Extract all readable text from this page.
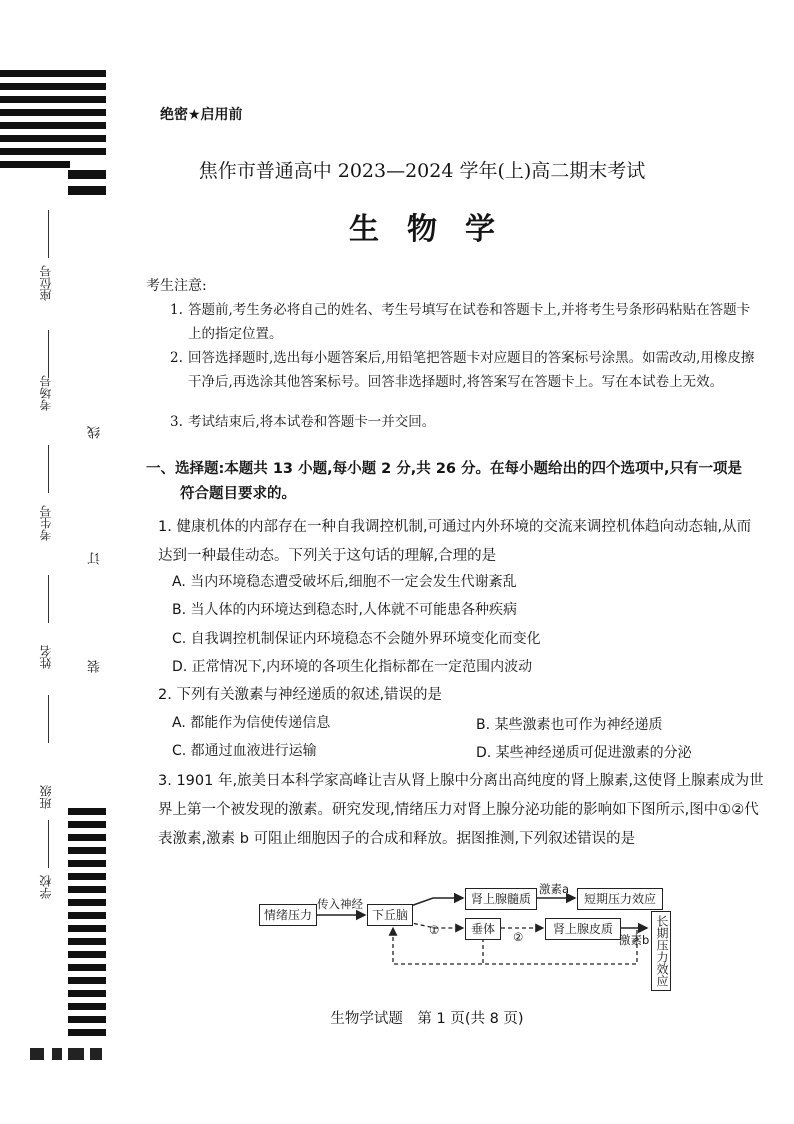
座位号
考场号
考生号
姓名
班级
学校
线
订
装
绝密★启用前
焦作市普通高中 2023—2024 学年(上)高二期末考试
生物学
考生注意:
1. 答题前,考生务必将自己的姓名、考生号填写在试卷和答题卡上,并将考生号条形码粘贴在答题卡上的指定位置。
2. 回答选择题时,选出每小题答案后,用铅笔把答题卡对应题目的答案标号涂黑。如需改动,用橡皮擦干净后,再选涂其他答案标号。回答非选择题时,将答案写在答题卡上。写在本试卷上无效。
3. 考试结束后,将本试卷和答题卡一并交回。
一、选择题:本题共 13 小题,每小题 2 分,共 26 分。在每小题给出的四个选项中,只有一项是
符合题目要求的。
1. 健康机体的内部存在一种自我调控机制,可通过内外环境的交流来调控机体趋向动态轴,从而达到一种最佳动态。下列关于这句话的理解,合理的是
A. 当内环境稳态遭受破坏后,细胞不一定会发生代谢紊乱
B. 当人体的内环境达到稳态时,人体就不可能患各种疾病
C. 自我调控机制保证内环境稳态不会随外界环境变化而变化
D. 正常情况下,内环境的各项生化指标都在一定范围内波动
2. 下列有关激素与神经递质的叙述,错误的是
A. 都能作为信使传递信息	B. 某些激素也可作为神经递质
C. 都通过血液进行运输	D. 某些神经递质可促进激素的分泌
3. 1901 年,旅美日本科学家高峰让吉从肾上腺中分离出高纯度的肾上腺素,这使肾上腺素成为世界上第一个被发现的激素。研究发现,情绪压力对肾上腺分泌功能的影响如下图所示,图中①②代表激素,激素 b 可阻止细胞因子的合成和释放。据图推测,下列叙述错误的是
情绪压力
传入神经
下丘脑
肾上腺髓质
激素a
短期压力效应
①	垂体
②
肾上腺皮质
激素b 长期压力效应
生物学试题　第 1 页(共 8 页)
